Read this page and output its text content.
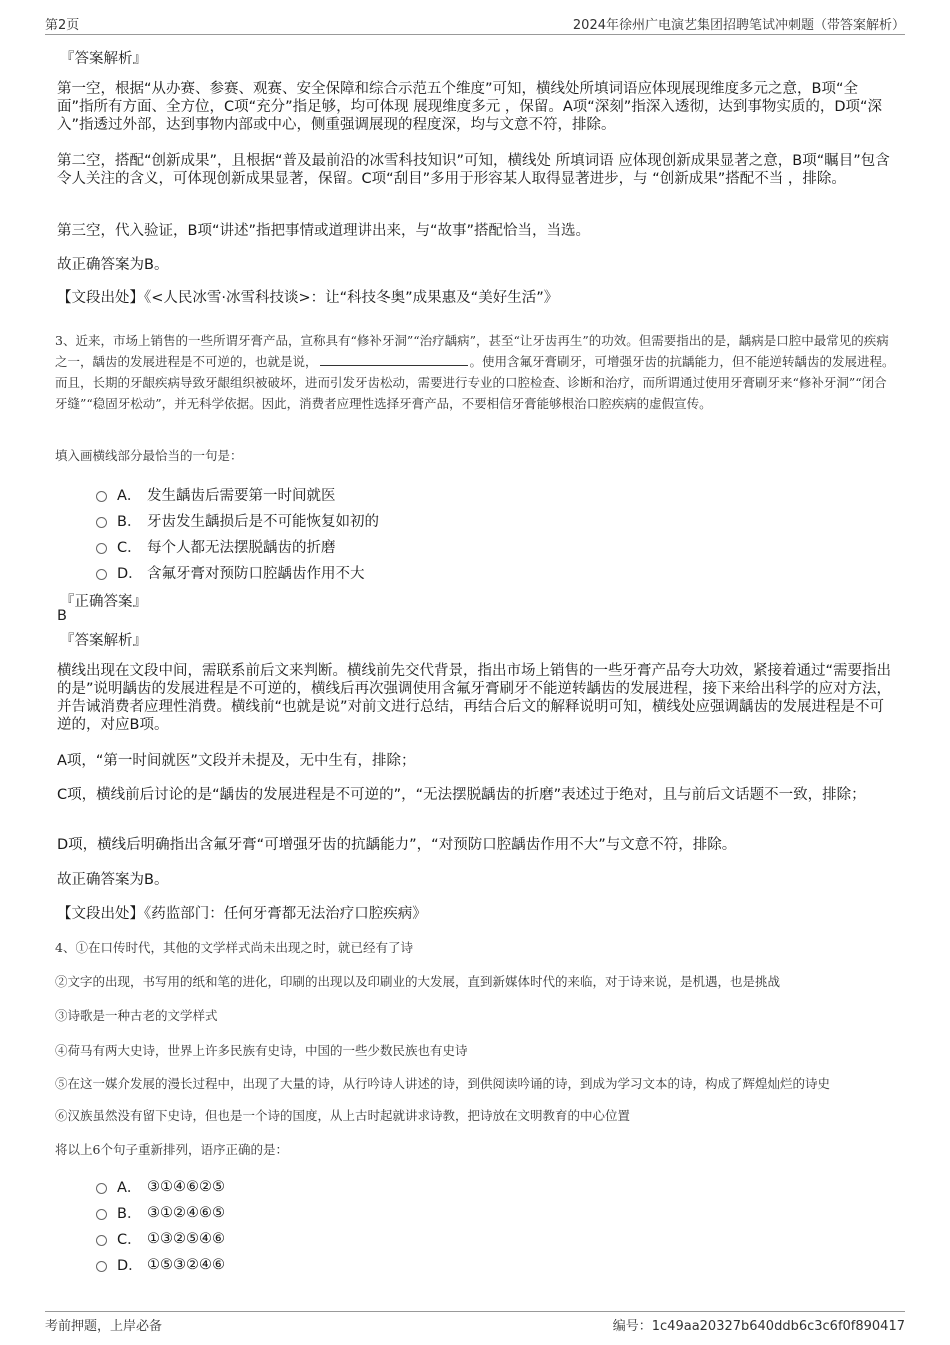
第2页	2024年徐州广电演艺集团招聘笔试冲刺题（带答案解析）
『答案解析』
第一空，根据“从办赛、参赛、观赛、安全保障和综合示范五个维度”可知，横线处所填词语应体现展现维度多元之意，B项“全面”指所有方面、全方位，C项“充分”指足够，均可体现 展现维度多元 ，保留。A项“深刻”指深入透彻，达到事物实质的，D项“深入”指透过外部，达到事物内部或中心，侧重强调展现的程度深，均与文意不符，排除。
第二空，搭配“创新成果”，且根据“普及最前沿的冰雪科技知识”可知，横线处 所填词语 应体现创新成果显著之意，B项“瞩目”包含令人关注的含义，可体现创新成果显著，保留。C项“刮目”多用于形容某人取得显著进步，与 “创新成果”搭配不当 ，排除。
第三空，代入验证，B项“讲述”指把事情或道理讲出来，与“故事”搭配恰当，当选。
故正确答案为B。
【文段出处】《<人民冰雪·冰雪科技谈>：让“科技冬奥”成果惠及“美好生活”》
3、近来，市场上销售的一些所谓牙膏产品，宣称具有“修补牙洞”“治疗龋病”，甚至“让牙齿再生”的功效。但需要指出的是，龋病是口腔中最常见的疾病之一，龋齿的发展进程是不可逆的，也就是说，	。使用含氟牙膏刷牙，可增强牙齿的抗龋能力，但不能逆转龋齿的发展进程。而且，长期的牙龈疾病导致牙龈组织被破坏，进而引发牙齿松动，需要进行专业的口腔检查、诊断和治疗，而所谓通过使用牙膏刷牙来“修补牙洞”“闭合牙缝”“稳固牙松动”，并无科学依据。因此，消费者应理性选择牙膏产品，不要相信牙膏能够根治口腔疾病的虚假宣传。
填入画横线部分最恰当的一句是：
A． 发生龋齿后需要第一时间就医
B． 牙齿发生龋损后是不可能恢复如初的
C． 每个人都无法摆脱龋齿的折磨
D． 含氟牙膏对预防口腔龋齿作用不大
『正确答案』
B
『答案解析』
横线出现在文段中间，需联系前后文来判断。横线前先交代背景，指出市场上销售的一些牙膏产品夸大功效，紧接着通过“需要指出的是”说明龋齿的发展进程是不可逆的，横线后再次强调使用含氟牙膏刷牙不能逆转龋齿的发展进程，接下来给出科学的应对方法，并告诫消费者应理性消费。横线前“也就是说”对前文进行总结，再结合后文的解释说明可知，横线处应强调龋齿的发展进程是不可逆的，对应B项。
A项，“第一时间就医”文段并未提及，无中生有，排除；
C项，横线前后讨论的是“龋齿的发展进程是不可逆的”，“无法摆脱龋齿的折磨”表述过于绝对，且与前后文话题不一致，排除；
D项，横线后明确指出含氟牙膏“可增强牙齿的抗龋能力”，“对预防口腔龋齿作用不大”与文意不符，排除。
故正确答案为B。
【文段出处】《药监部门：任何牙膏都无法治疗口腔疾病》
4、①在口传时代，其他的文学样式尚未出现之时，就已经有了诗
②文字的出现，书写用的纸和笔的进化，印刷的出现以及印刷业的大发展，直到新媒体时代的来临，对于诗来说，是机遇，也是挑战
③诗歌是一种古老的文学样式
④荷马有两大史诗，世界上许多民族有史诗，中国的一些少数民族也有史诗
⑤在这一媒介发展的漫长过程中，出现了大量的诗，从行吟诗人讲述的诗，到供阅读吟诵的诗，到成为学习文本的诗，构成了辉煌灿烂的诗史
⑥汉族虽然没有留下史诗，但也是一个诗的国度，从上古时起就讲求诗教，把诗放在文明教育的中心位置
将以上6个句子重新排列，语序正确的是：
A． ③①④⑥②⑤
B． ③①②④⑥⑤
C． ①③②⑤④⑥
D． ①⑤③②④⑥
考前押题，上岸必备	编号：1c49aa20327b640ddb6c3c6f0f890417
